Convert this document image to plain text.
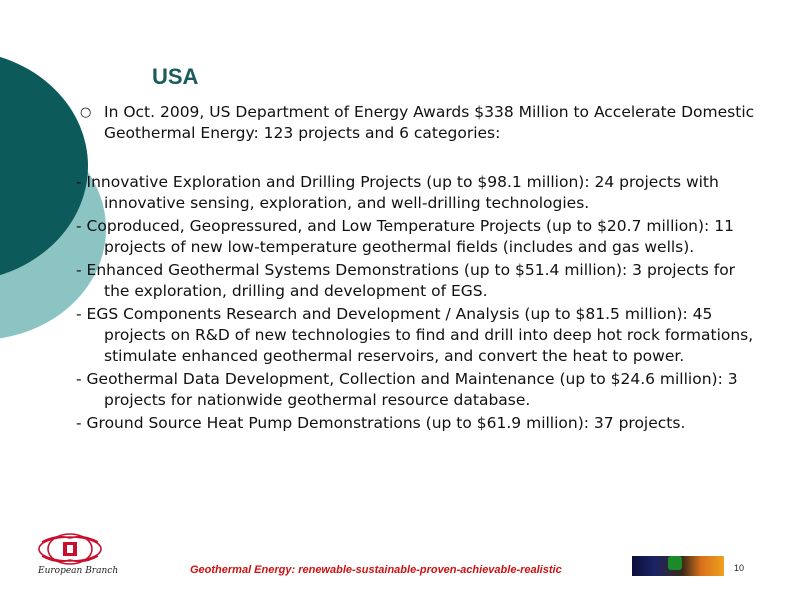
USA
○ In Oct. 2009, US Department of Energy Awards $338 Million to Accelerate Domestic Geothermal Energy: 123 projects and 6 categories:
- Innovative Exploration and Drilling Projects (up to $98.1 million): 24 projects with innovative sensing, exploration, and well-drilling technologies.
- Coproduced, Geopressured, and Low Temperature Projects (up to $20.7 million): 11 projects of new low-temperature geothermal fields (includes and gas wells).
- Enhanced Geothermal Systems Demonstrations (up to $51.4 million): 3 projects for the exploration, drilling and development of EGS.
- EGS Components Research and Development / Analysis (up to $81.5 million): 45 projects on R&D of new technologies to find and drill into deep hot rock formations, stimulate enhanced geothermal reservoirs, and convert the heat to power.
- Geothermal Data Development, Collection and Maintenance (up to $24.6 million): 3 projects for nationwide geothermal resource database.
- Ground Source Heat Pump Demonstrations (up to $61.9 million): 37 projects.
European Branch	Geothermal Energy: renewable-sustainable-proven-achievable-realistic	10
